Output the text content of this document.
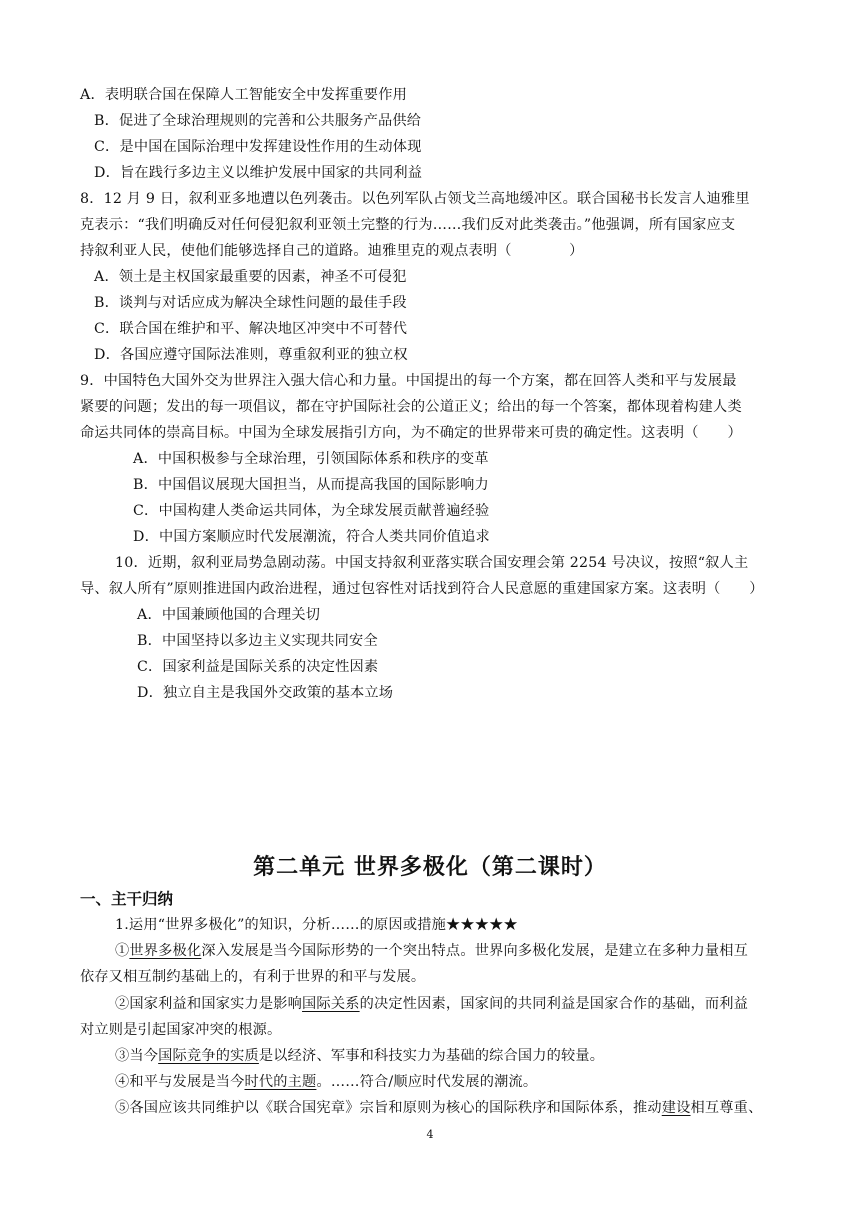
A．表明联合国在保障人工智能安全中发挥重要作用
B．促进了全球治理规则的完善和公共服务产品供给
C．是中国在国际治理中发挥建设性作用的生动体现
D．旨在践行多边主义以维护发展中国家的共同利益
8．12 月 9 日，叙利亚多地遭以色列袭击。以色列军队占领戈兰高地缓冲区。联合国秘书长发言人迪雅里
克表示：“我们明确反对任何侵犯叙利亚领土完整的行为……我们反对此类袭击。”他强调，所有国家应支
持叙利亚人民，使他们能够选择自己的道路。迪雅里克的观点表明（　　　　）
A．领土是主权国家最重要的因素，神圣不可侵犯
B．谈判与对话应成为解决全球性问题的最佳手段
C．联合国在维护和平、解决地区冲突中不可替代
D．各国应遵守国际法准则，尊重叙利亚的独立权
9．中国特色大国外交为世界注入强大信心和力量。中国提出的每一个方案，都在回答人类和平与发展最
紧要的问题；发出的每一项倡议，都在守护国际社会的公道正义；给出的每一个答案，都体现着构建人类
命运共同体的崇高目标。中国为全球发展指引方向，为不确定的世界带来可贵的确定性。这表明（　　）
A．中国积极参与全球治理，引领国际体系和秩序的变革
B．中国倡议展现大国担当，从而提高我国的国际影响力
C．中国构建人类命运共同体，为全球发展贡献普遍经验
D．中国方案顺应时代发展潮流，符合人类共同价值追求
10．近期，叙利亚局势急剧动荡。中国支持叙利亚落实联合国安理会第 2254 号决议，按照“叙人主
导、叙人所有”原则推进国内政治进程，通过包容性对话找到符合人民意愿的重建国家方案。这表明（　　）
A．中国兼顾他国的合理关切
B．中国坚持以多边主义实现共同安全
C．国家利益是国际关系的决定性因素
D．独立自主是我国外交政策的基本立场
第二单元 世界多极化（第二课时）
一、主干归纳
1.运用“世界多极化”的知识，分析……的原因或措施★★★★★
①世界多极化深入发展是当今国际形势的一个突出特点。世界向多极化发展，是建立在多种力量相互
依存又相互制约基础上的，有利于世界的和平与发展。
②国家利益和国家实力是影响国际关系的决定性因素，国家间的共同利益是国家合作的基础，而利益
对立则是引起国家冲突的根源。
③当今国际竞争的实质是以经济、军事和科技实力为基础的综合国力的较量。
④和平与发展是当今时代的主题。……符合/顺应时代发展的潮流。
⑤各国应该共同维护以《联合国宪章》宗旨和原则为核心的国际秩序和国际体系，推动建设相互尊重、
4
